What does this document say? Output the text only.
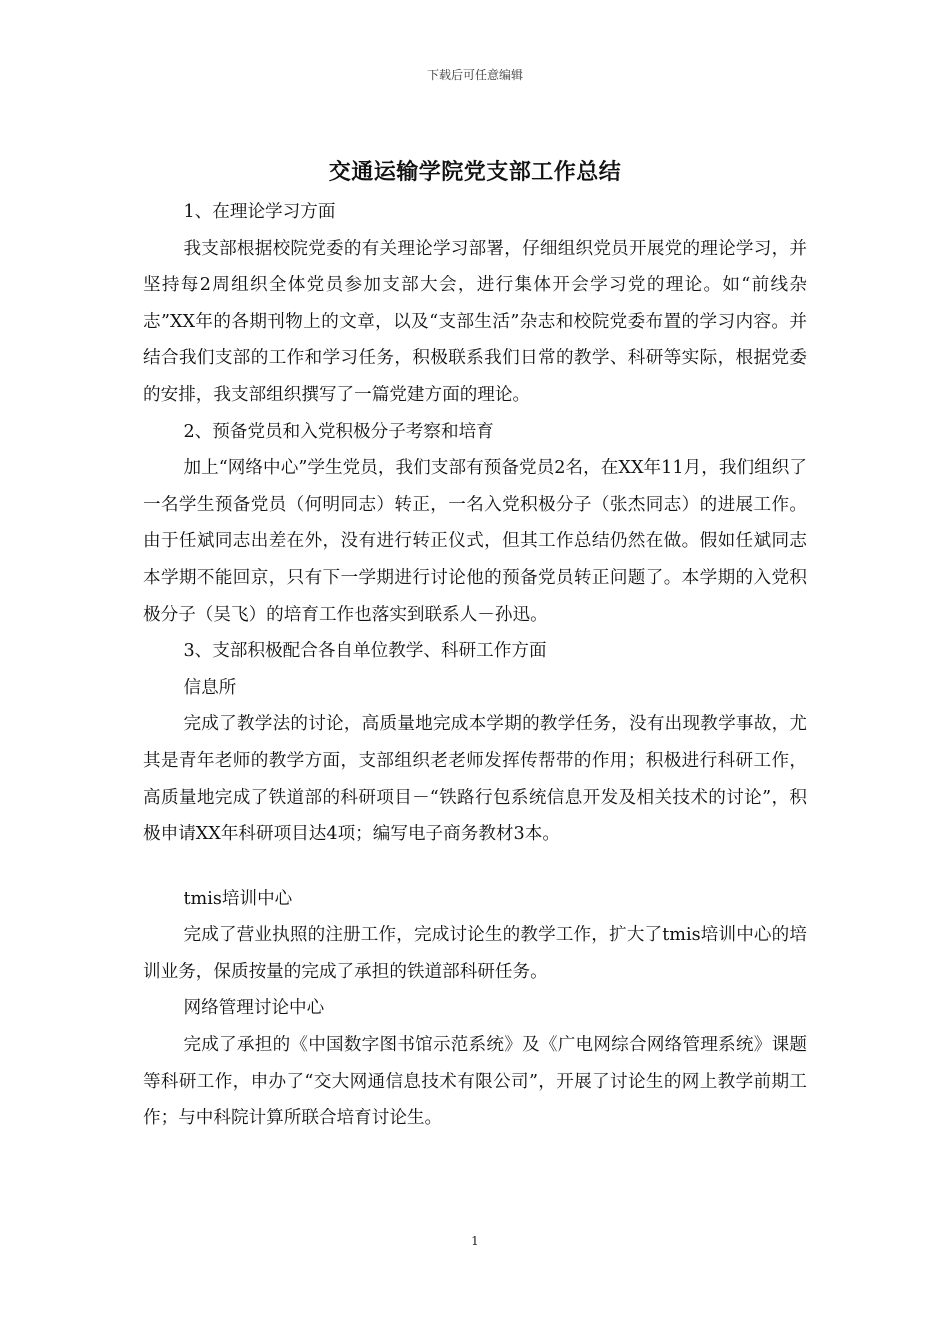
下载后可任意编辑
交通运输学院党支部工作总结

1、在理论学习方面

我支部根据校院党委的有关理论学习部署，仔细组织党员开展党的理论学习，并坚持每2周组织全体党员参加支部大会，进行集体开会学习党的理论。如“前线杂志”XX年的各期刊物上的文章，以及“支部生活”杂志和校院党委布置的学习内容。并结合我们支部的工作和学习任务，积极联系我们日常的教学、科研等实际，根据党委的安排，我支部组织撰写了一篇党建方面的理论。

2、预备党员和入党积极分子考察和培育

加上“网络中心”学生党员，我们支部有预备党员2名，在XX年11月，我们组织了一名学生预备党员（何明同志）转正，一名入党积极分子（张杰同志）的进展工作。由于任斌同志出差在外，没有进行转正仪式，但其工作总结仍然在做。假如任斌同志本学期不能回京，只有下一学期进行讨论他的预备党员转正问题了。本学期的入党积极分子（吴飞）的培育工作也落实到联系人－孙迅。

3、支部积极配合各自单位教学、科研工作方面

信息所

完成了教学法的讨论，高质量地完成本学期的教学任务，没有出现教学事故，尤其是青年老师的教学方面，支部组织老老师发挥传帮带的作用；积极进行科研工作，高质量地完成了铁道部的科研项目－“铁路行包系统信息开发及相关技术的讨论”，积极申请XX年科研项目达4项；编写电子商务教材3本。

tmis培训中心

完成了营业执照的注册工作，完成讨论生的教学工作，扩大了tmis培训中心的培训业务，保质按量的完成了承担的铁道部科研任务。

网络管理讨论中心

完成了承担的《中国数字图书馆示范系统》及《广电网综合网络管理系统》课题等科研工作，申办了“交大网通信息技术有限公司”，开展了讨论生的网上教学前期工作；与中科院计算所联合培育讨论生。

1
